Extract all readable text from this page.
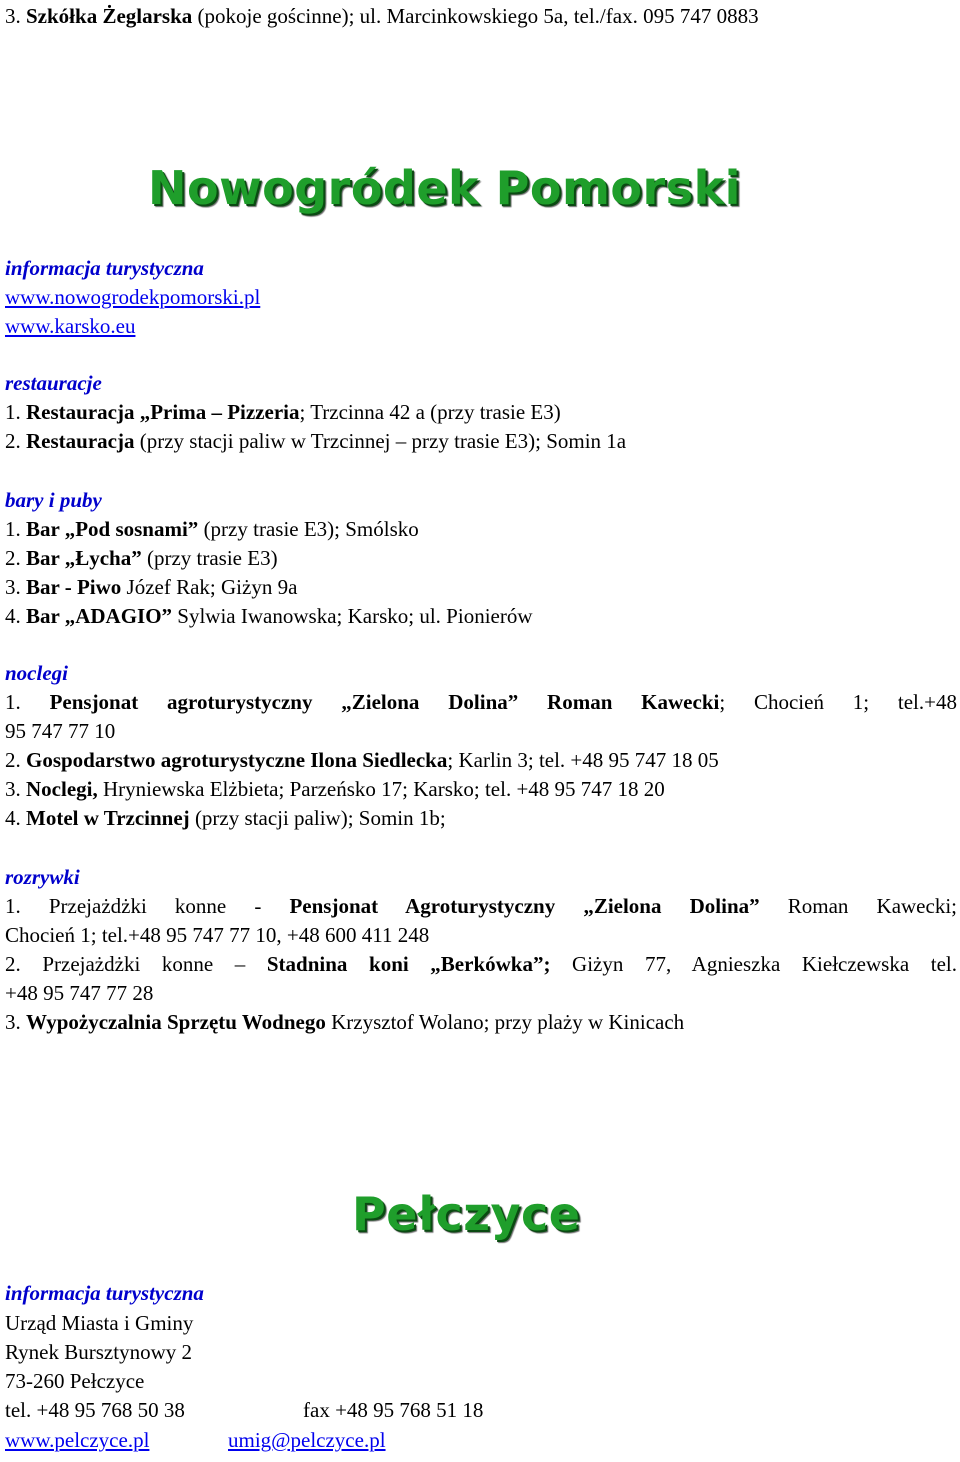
3. Szkółka Żeglarska (pokoje gościnne); ul. Marcinkowskiego 5a, tel./fax. 095 747 0883
Nowogródek Pomorski
informacja turystyczna
www.nowogrodekpomorski.pl
www.karsko.eu
restauracje
1. Restauracja „Prima – Pizzeria; Trzcinna 42 a (przy trasie E3)
2. Restauracja (przy stacji paliw w Trzcinnej – przy trasie E3); Somin 1a
bary i puby
1. Bar „Pod sosnami” (przy trasie E3); Smólsko
2. Bar „Łycha” (przy trasie E3)
3. Bar - Piwo Józef Rak; Giżyn 9a
4. Bar „ADAGIO” Sylwia Iwanowska; Karsko; ul. Pionierów
noclegi
1. Pensjonat agroturystyczny „Zielona Dolina” Roman Kawecki; Chocień 1; tel.+48
95 747 77 10
2. Gospodarstwo agroturystyczne Ilona Siedlecka; Karlin 3; tel. +48 95 747 18 05
3. Noclegi, Hryniewska Elżbieta; Parzeńsko 17; Karsko; tel. +48 95 747 18 20
4. Motel w Trzcinnej (przy stacji paliw); Somin 1b;
rozrywki
1. Przejażdżki konne - Pensjonat Agroturystyczny „Zielona Dolina” Roman Kawecki;
Chocień 1; tel.+48 95 747 77 10, +48 600 411 248
2. Przejażdżki konne – Stadnina koni „Berkówka”; Giżyn 77, Agnieszka Kiełczewska tel.
+48 95 747 77 28
3. Wypożyczalnia Sprzętu Wodnego Krzysztof Wolano; przy plaży w Kinicach
Pełczyce
informacja turystyczna
Urząd Miasta i Gminy
Rynek Bursztynowy 2
73-260 Pełczyce
tel. +48 95 768 50 38	fax +48 95 768 51 18
www.pelczyce.pl	umig@pelczyce.pl
